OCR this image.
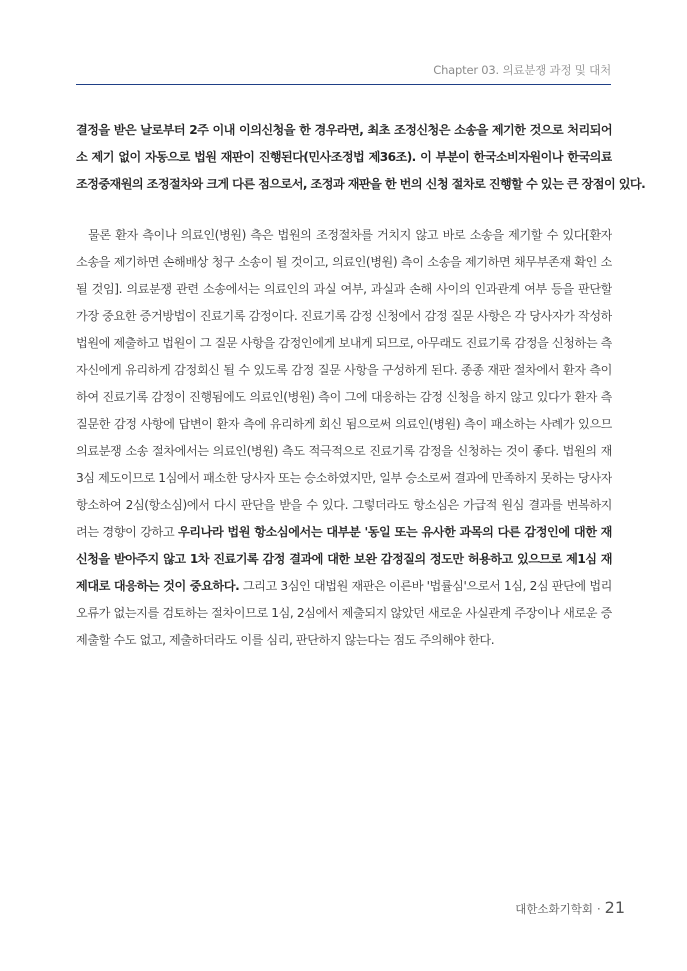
Chapter 03. 의료분쟁 과정 및 대처
결정을 받은 날로부터 2주 이내 이의신청을 한 경우라면, 최초 조정신청은 소송을 제기한 것으로 처리되어
소 제기 없이 자동으로 법원 재판이 진행된다(민사조정법 제36조). 이 부분이 한국소비자원이나 한국의료
조정중재원의 조정절차와 크게 다른 점으로서, 조정과 재판을 한 번의 신청 절차로 진행할 수 있는 큰 장점이 있다.
물론 환자 측이나 의료인(병원) 측은 법원의 조정절차를 거치지 않고 바로 소송을 제기할 수 있다[환자
소송을 제기하면 손해배상 청구 소송이 될 것이고, 의료인(병원) 측이 소송을 제기하면 채무부존재 확인 소
될 것임]. 의료분쟁 관련 소송에서는 의료인의 과실 여부, 과실과 손해 사이의 인과관계 여부 등을 판단할
가장 중요한 증거방법이 진료기록 감정이다. 진료기록 감정 신청에서 감정 질문 사항은 각 당사자가 작성하
법원에 제출하고 법원이 그 질문 사항을 감정인에게 보내게 되므로, 아무래도 진료기록 감정을 신청하는 측
자신에게 유리하게 감정회신 될 수 있도록 감정 질문 사항을 구성하게 된다. 종종 재판 절차에서 환자 측이
하여 진료기록 감정이 진행됨에도 의료인(병원) 측이 그에 대응하는 감정 신청을 하지 않고 있다가 환자 측
질문한 감정 사항에 답변이 환자 측에 유리하게 회신 됨으로써 의료인(병원) 측이 패소하는 사례가 있으므
의료분쟁 소송 절차에서는 의료인(병원) 측도 적극적으로 진료기록 감정을 신청하는 것이 좋다. 법원의 재
3심 제도이므로 1심에서 패소한 당사자 또는 승소하였지만, 일부 승소로써 결과에 만족하지 못하는 당사자
항소하여 2심(항소심)에서 다시 판단을 받을 수 있다. 그렇더라도 항소심은 가급적 원심 결과를 번복하지
려는 경향이 강하고 우리나라 법원 항소심에서는 대부분 '동일 또는 유사한 과목의 다른 감정인에 대한 재
신청을 받아주지 않고 1차 진료기록 감정 결과에 대한 보완 감정질의 정도만 허용하고 있으므로 제1심 재
제대로 대응하는 것이 중요하다. 그리고 3심인 대법원 재판은 이른바 '법률심'으로서 1심, 2심 판단에 법리
오류가 없는지를 검토하는 절차이므로 1심, 2심에서 제출되지 않았던 새로운 사실관계 주장이나 새로운 증
제출할 수도 없고, 제출하더라도 이를 심리, 판단하지 않는다는 점도 주의해야 한다.
대한소화기학회 · 21
